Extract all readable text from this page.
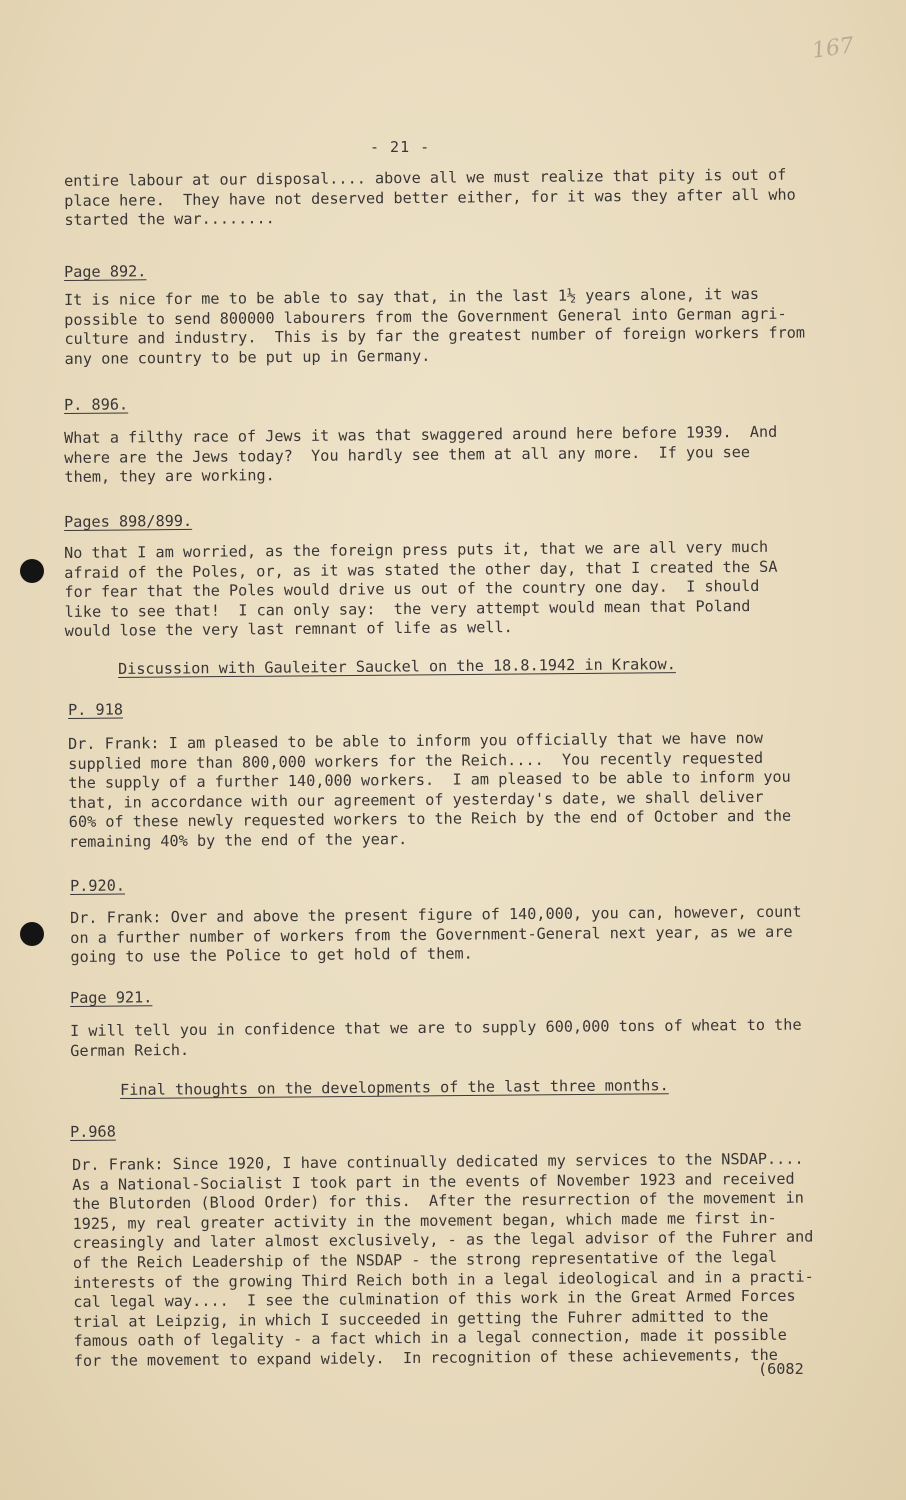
167
- 21 -

entire labour at our disposal.... above all we must realize that pity is out of
place here.  They have not deserved better either, for it was they after all who
started the war........

Page 892.

It is nice for me to be able to say that, in the last 1½ years alone, it was
possible to send 800000 labourers from the Government General into German agri-
culture and industry.  This is by far the greatest number of foreign workers from
any one country to be put up in Germany.

P. 896.

What a filthy race of Jews it was that swaggered around here before 1939.  And
where are the Jews today?  You hardly see them at all any more.  If you see
them, they are working.

Pages 898/899.

No that I am worried, as the foreign press puts it, that we are all very much
afraid of the Poles, or, as it was stated the other day, that I created the SA
for fear that the Poles would drive us out of the country one day.  I should
like to see that!  I can only say:  the very attempt would mean that Poland
would lose the very last remnant of life as well.

Discussion with Gauleiter Sauckel on the 18.8.1942 in Krakow.
P. 918

Dr. Frank: I am pleased to be able to inform you officially that we have now
supplied more than 800,000 workers for the Reich....  You recently requested
the supply of a further 140,000 workers.  I am pleased to be able to inform you
that, in accordance with our agreement of yesterday's date, we shall deliver
60% of these newly requested workers to the Reich by the end of October and the
remaining 40% by the end of the year.

P.920.

Dr. Frank: Over and above the present figure of 140,000, you can, however, count
on a further number of workers from the Government-General next year, as we are
going to use the Police to get hold of them.

Page 921.

I will tell you in confidence that we are to supply 600,000 tons of wheat to the
German Reich.

Final thoughts on the developments of the last three months.
P.968

Dr. Frank: Since 1920, I have continually dedicated my services to the NSDAP....
As a National-Socialist I took part in the events of November 1923 and received
the Blutorden (Blood Order) for this.  After the resurrection of the movement in
1925, my real greater activity in the movement began, which made me first in-
creasingly and later almost exclusively, - as the legal advisor of the Fuhrer and
of the Reich Leadership of the NSDAP - the strong representative of the legal
interests of the growing Third Reich both in a legal ideological and in a practi-
cal legal way....  I see the culmination of this work in the Great Armed Forces
trial at Leipzig, in which I succeeded in getting the Fuhrer admitted to the
famous oath of legality - a fact which in a legal connection, made it possible
for the movement to expand widely.  In recognition of these achievements, the

(6082
